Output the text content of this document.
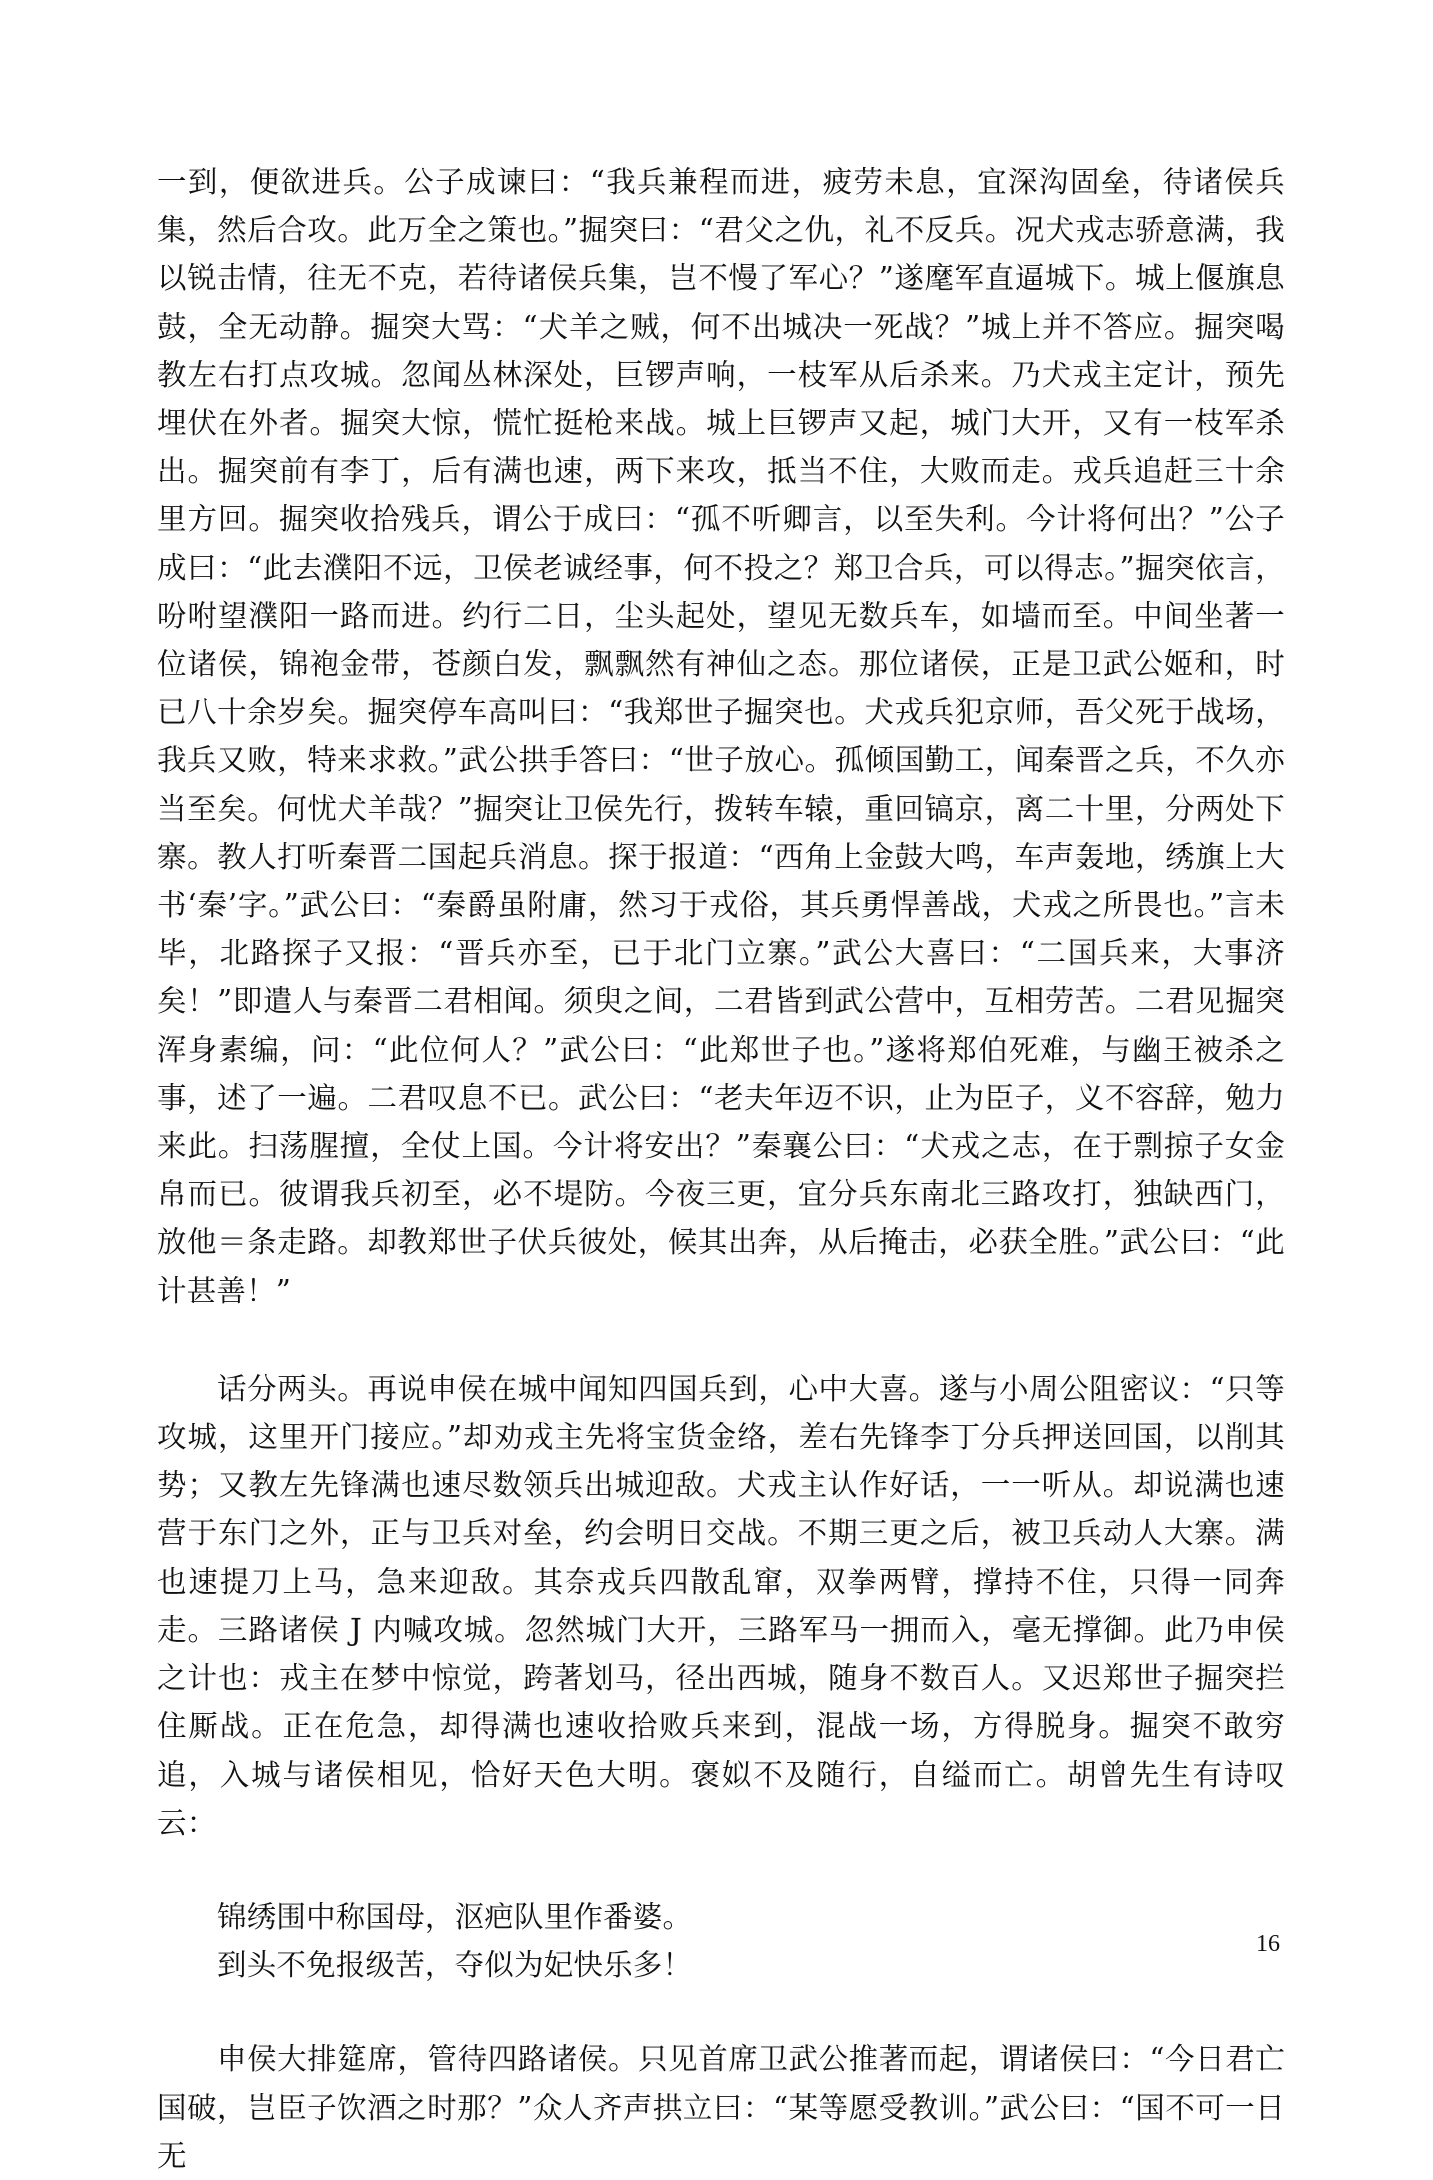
一到，便欲进兵。公子成谏曰：“我兵兼程而进，疲劳未息，宜深沟固垒，待诸侯兵集，然后合攻。此万全之策也。”掘突曰：“君父之仇，礼不反兵。况犬戎志骄意满，我以锐击情，往无不克，若待诸侯兵集，岂不慢了军心？”遂麾军直逼城下。城上偃旗息鼓，全无动静。掘突大骂：“犬羊之贼，何不出城决一死战？”城上并不答应。掘突喝教左右打点攻城。忽闻丛林深处，巨锣声响，一枝军从后杀来。乃犬戎主定计，预先埋伏在外者。掘突大惊，慌忙挺枪来战。城上巨锣声又起，城门大开，又有一枝军杀出。掘突前有李丁，后有满也速，两下来攻，抵当不住，大败而走。戎兵追赶三十余里方回。掘突收拾残兵，谓公于成曰：“孤不听卿言，以至失利。今计将何出？”公子成曰：“此去濮阳不远，卫侯老诚经事，何不投之？郑卫合兵，可以得志。”掘突依言，吩咐望濮阳一路而进。约行二日，尘头起处，望见无数兵车，如墙而至。中间坐著一位诸侯，锦袍金带，苍颜白发，飘飘然有神仙之态。那位诸侯，正是卫武公姬和，时已八十余岁矣。掘突停车高叫曰：“我郑世子掘突也。犬戎兵犯京师，吾父死于战场，我兵又败，特来求救。”武公拱手答曰：“世子放心。孤倾国勤工，闻秦晋之兵，不久亦当至矣。何忧犬羊哉？”掘突让卫侯先行，拨转车辕，重回镐京，离二十里，分两处下寨。教人打听秦晋二国起兵消息。探于报道：“西角上金鼓大鸣，车声轰地，绣旗上大书‘秦’字。”武公曰：“秦爵虽附庸，然习于戎俗，其兵勇悍善战，犬戎之所畏也。”言未毕，北路探子又报：“晋兵亦至，已于北门立寨。”武公大喜曰：“二国兵来，大事济矣！”即遣人与秦晋二君相闻。须臾之间，二君皆到武公营中，互相劳苦。二君见掘突浑身素编，问：“此位何人？”武公曰：“此郑世子也。”遂将郑伯死难，与幽王被杀之事，述了一遍。二君叹息不已。武公曰：“老夫年迈不识，止为臣子，义不容辞，勉力来此。扫荡腥擅，全仗上国。今计将安出？”秦襄公曰：“犬戎之志，在于剽掠子女金帛而已。彼谓我兵初至，必不堤防。今夜三更，宜分兵东南北三路攻打，独缺西门，放他＝条走路。却教郑世子伏兵彼处，候其出奔，从后掩击，必获全胜。”武公曰：“此计甚善！”

话分两头。再说申侯在城中闻知四国兵到，心中大喜。遂与小周公阻密议：“只等攻城，这里开门接应。”却劝戎主先将宝货金络，差右先锋李丁分兵押送回国，以削其势；又教左先锋满也速尽数领兵出城迎敌。犬戎主认作好话，一一听从。却说满也速营于东门之外，正与卫兵对垒，约会明日交战。不期三更之后，被卫兵动人大寨。满也速提刀上马，急来迎敌。其奈戎兵四散乱窜，双拳两臂，撑持不住，只得一同奔走。三路诸侯 J 内喊攻城。忽然城门大开，三路军马一拥而入，毫无撑御。此乃申侯之计也：戎主在梦中惊觉，跨著划马，径出西城，随身不数百人。又迟郑世子掘突拦住厮战。正在危急，却得满也速收拾败兵来到，混战一场，方得脱身。掘突不敢穷追，入城与诸侯相见，恰好天色大明。褒姒不及随行，自缢而亡。胡曾先生有诗叹云：

锦绣围中称国母，沤疤队里作番婆。

到头不免报级苦，夺似为妃快乐多！

申侯大排筵席，管待四路诸侯。只见首席卫武公推著而起，谓诸侯曰：“今日君亡国破，岂臣子饮酒之时那？”众人齐声拱立曰：“某等愿受教训。”武公曰：“国不可一日无

16
